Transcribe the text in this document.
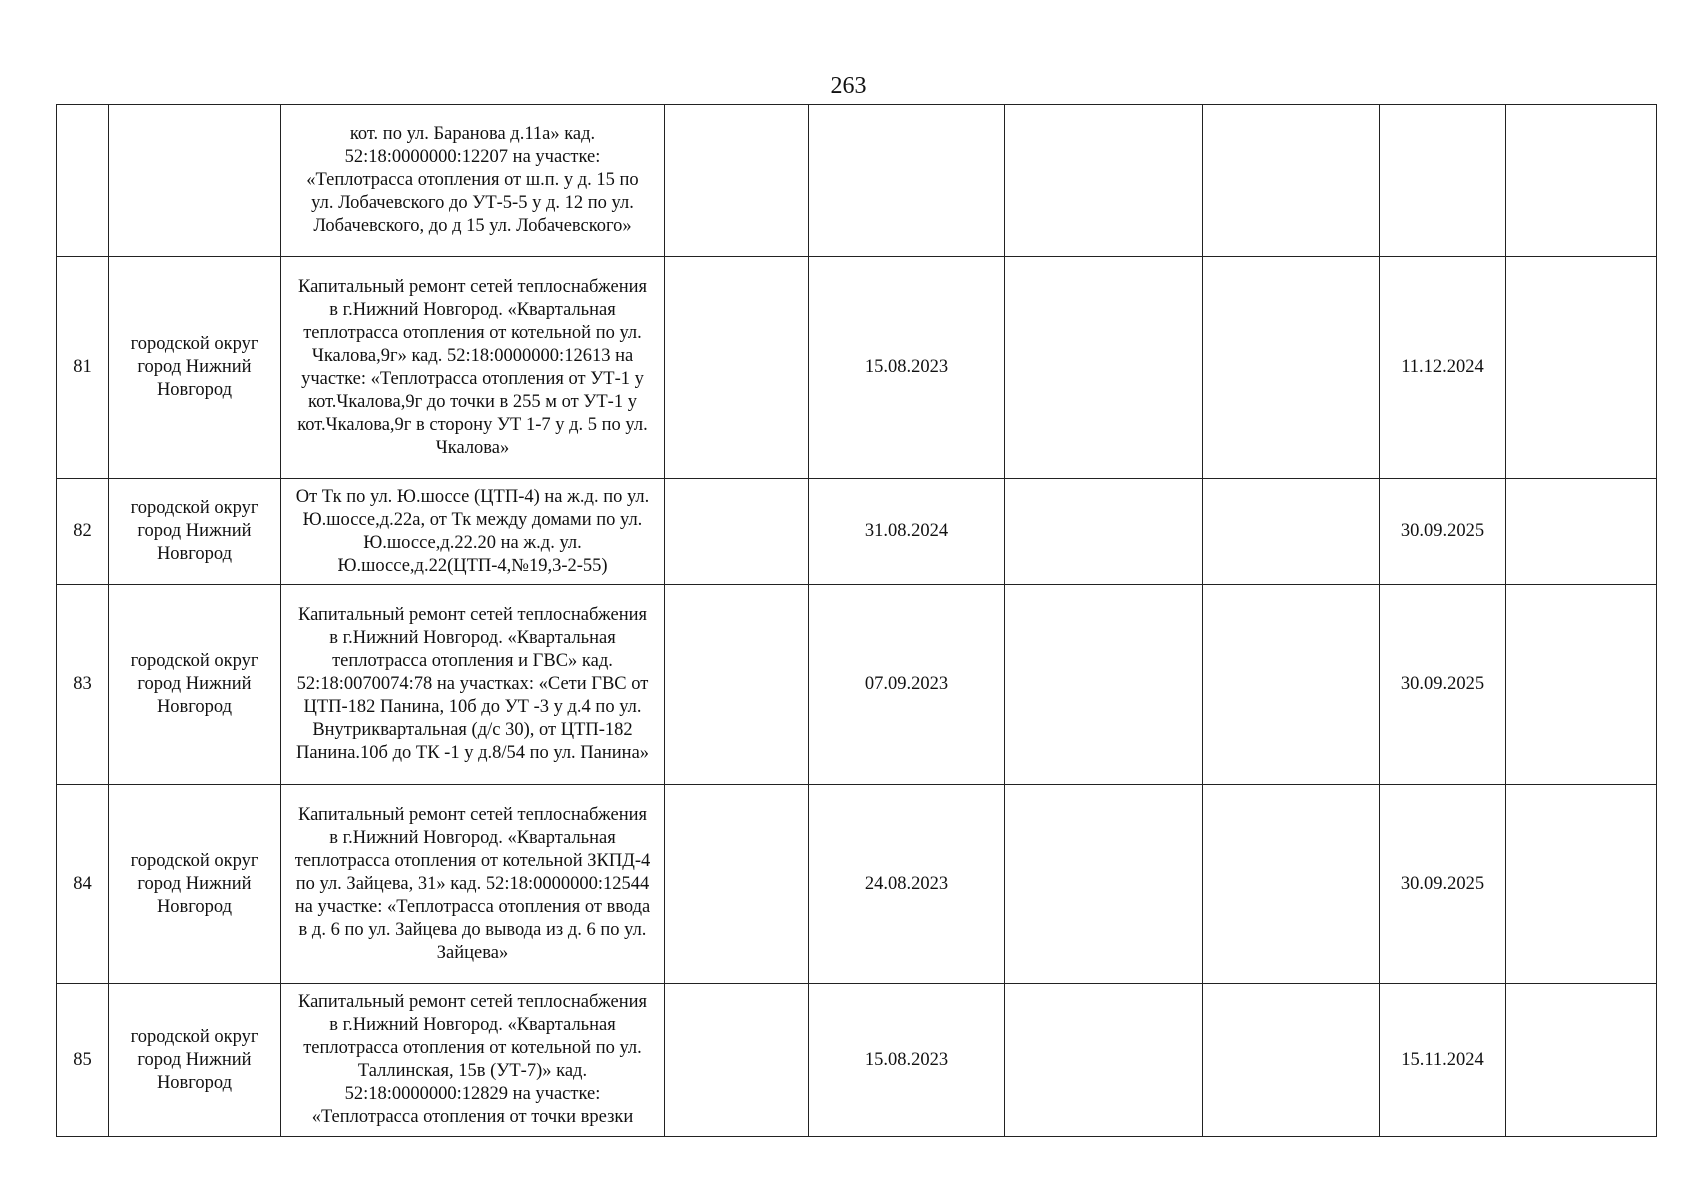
263
		кот. по ул. Баранова д.11а» кад. 52:18:0000000:12207 на участке: «Теплотрасса отопления от ш.п. у д. 15 по ул. Лобачевского до УТ-5-5 у д. 12 по ул. Лобачевского, до д 15 ул. Лобачевского»						
81	городской округ город Нижний Новгород	Капитальный ремонт сетей теплоснабжения в г.Нижний Новгород. «Квартальная теплотрасса отопления от котельной по ул. Чкалова,9г» кад. 52:18:0000000:12613 на участке: «Теплотрасса отопления от УТ-1 у кот.Чкалова,9г до точки в 255 м от УТ-1 у кот.Чкалова,9г в сторону УТ 1-7 у д. 5 по ул. Чкалова»		15.08.2023			11.12.2024	
82	городской округ город Нижний Новгород	От Тк по ул. Ю.шоссе (ЦТП-4) на ж.д. по ул. Ю.шоссе,д.22а, от Тк между домами по ул. Ю.шоссе,д.22.20 на ж.д. ул. Ю.шоссе,д.22(ЦТП-4,№19,3-2-55)		31.08.2024			30.09.2025	
83	городской округ город Нижний Новгород	Капитальный ремонт сетей теплоснабжения в г.Нижний Новгород. «Квартальная теплотрасса отопления и ГВС» кад. 52:18:0070074:78 на участках: «Сети ГВС от ЦТП-182 Панина, 10б до УТ -3 у д.4 по ул. Внутриквартальная (д/с 30), от ЦТП-182 Панина.10б до ТК -1 у д.8/54 по ул. Панина»		07.09.2023			30.09.2025	
84	городской округ город Нижний Новгород	Капитальный ремонт сетей теплоснабжения в г.Нижний Новгород. «Квартальная теплотрасса отопления от котельной ЗКПД-4 по ул. Зайцева, 31» кад. 52:18:0000000:12544 на участке: «Теплотрасса отопления от ввода в д. 6 по ул. Зайцева до вывода из д. 6 по ул. Зайцева»		24.08.2023			30.09.2025	
85	городской округ город Нижний Новгород	Капитальный ремонт сетей теплоснабжения в г.Нижний Новгород. «Квартальная теплотрасса отопления от котельной по ул. Таллинская, 15в (УТ-7)» кад. 52:18:0000000:12829 на участке: «Теплотрасса отопления от точки врезки		15.08.2023			15.11.2024	
